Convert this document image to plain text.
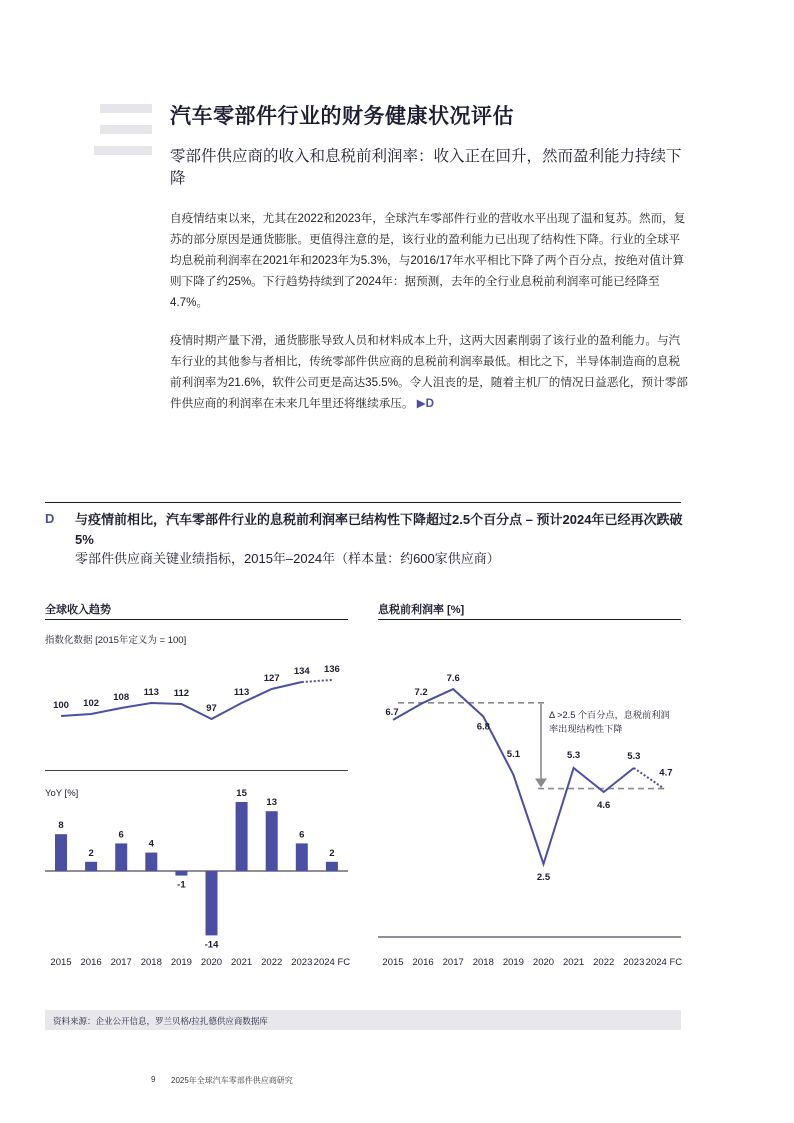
汽车零部件行业的财务健康状况评估
零部件供应商的收入和息税前利润率：收入正在回升，然而盈利能力持续下降
自疫情结束以来，尤其在2022和2023年，全球汽车零部件行业的营收水平出现了温和复苏。然而，复苏的部分原因是通货膨胀。更值得注意的是，该行业的盈利能力已出现了结构性下降。行业的全球平均息税前利润率在2021年和2023年为5.3%，与2016/17年水平相比下降了两个百分点，按绝对值计算则下降了约25%。下行趋势持续到了2024年：据预测，去年的全行业息税前利润率可能已经降至4.7%。
疫情时期产量下滑，通货膨胀导致人员和材料成本上升，这两大因素削弱了该行业的盈利能力。与汽车行业的其他参与者相比，传统零部件供应商的息税前利润率最低。相比之下，半导体制造商的息税前利润率为21.6%，软件公司更是高达35.5%。令人沮丧的是，随着主机厂的情况日益恶化，预计零部件供应商的利润率在未来几年里还将继续承压。 ▶D
D 与疫情前相比，汽车零部件行业的息税前利润率已结构性下降超过2.5个百分点 – 预计2024年已经再次跌破5%
零部件供应商关键业绩指标，2015年–2024年（样本量：约600家供应商）
全球收入趋势
指数化数据 [2015年定义为 = 100]
YoY [%]
息税前利润率 [%]
100 102
108 113 112
97
113
127
134 136
8
2
6
4
-1
-14
15
13
6
2
2015 2016 2017 2018 2019 2020 2021 2022 2023 2024 FC
Δ >2.5 个百分点，息税前利润
率出现结构性下降
6.7
7.2
7.6
6.8
5.1
2.5
5.3
4.6
5.3
4.7
2015 2016 2017 2018 2019 2020 2021 2022 2023 2024 FC
资料来源：企业公开信息，罗兰贝格/拉扎德供应商数据库
9 2025年全球汽车零部件供应商研究
